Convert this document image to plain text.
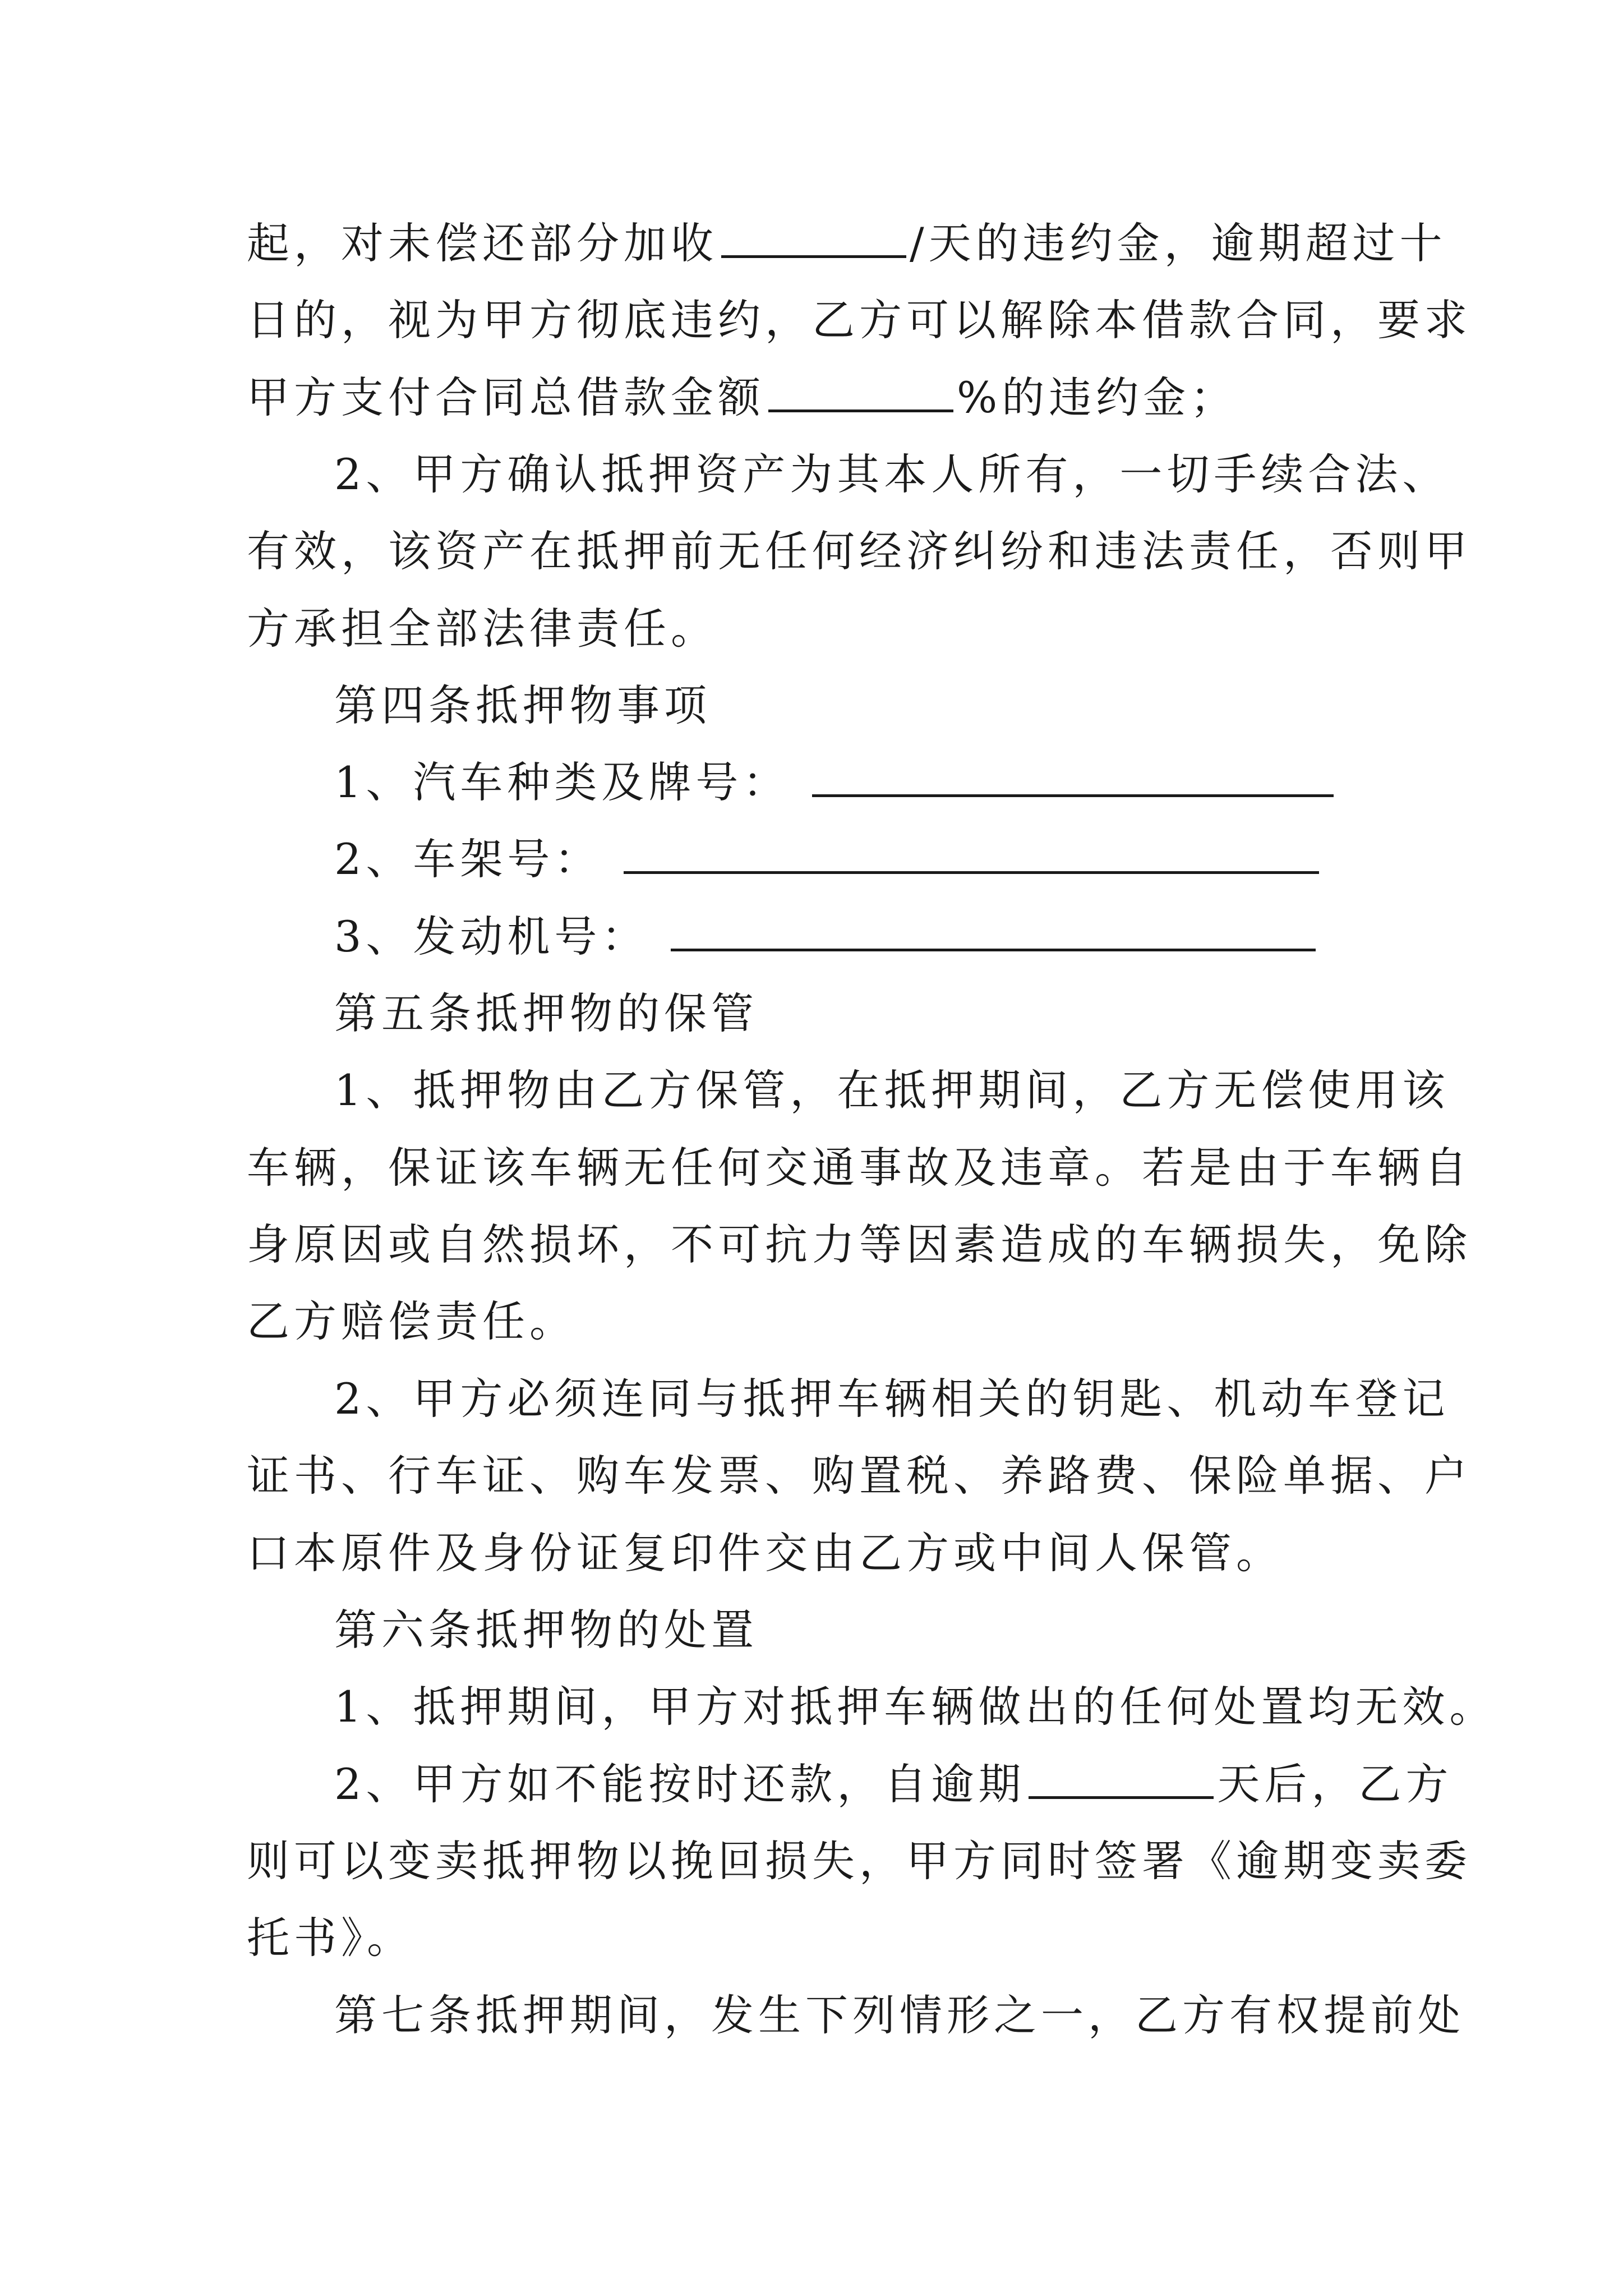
起，对未偿还部分加收	/天的违约金，逾期超过十
日的，视为甲方彻底违约，乙方可以解除本借款合同，要求
甲方支付合同总借款金额	%的违约金；
2、甲方确认抵押资产为其本人所有，一切手续合法、
有效，该资产在抵押前无任何经济纠纷和违法责任，否则甲
方承担全部法律责任。
第四条抵押物事项
1、汽车种类及牌号：
2、车架号：
3、发动机号：
第五条抵押物的保管
1、抵押物由乙方保管，在抵押期间，乙方无偿使用该
车辆，保证该车辆无任何交通事故及违章。若是由于车辆自
身原因或自然损坏，不可抗力等因素造成的车辆损失，免除
乙方赔偿责任。
2、甲方必须连同与抵押车辆相关的钥匙、机动车登记
证书、行车证、购车发票、购置税、养路费、保险单据、户
口本原件及身份证复印件交由乙方或中间人保管。
第六条抵押物的处置
1、抵押期间，甲方对抵押车辆做出的任何处置均无效。
2、甲方如不能按时还款，自逾期	天后，乙方
则可以变卖抵押物以挽回损失，甲方同时签署《逾期变卖委
托书》。
第七条抵押期间，发生下列情形之一，乙方有权提前处
